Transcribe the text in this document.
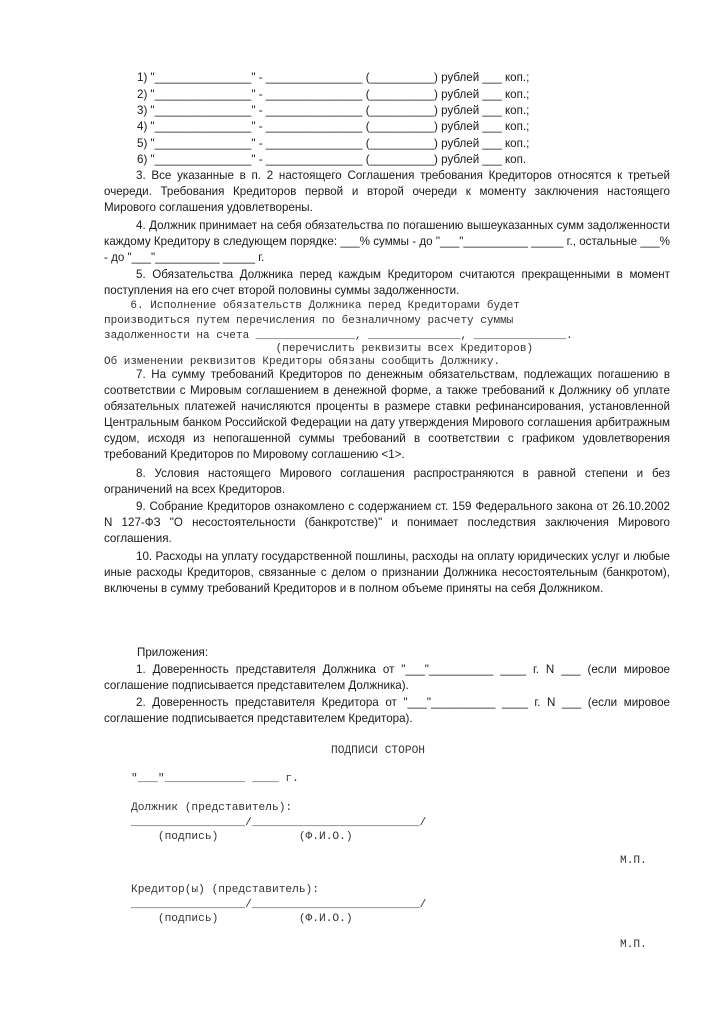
1) "_______________" - _______________ (__________) рублей ___ коп.;
2) "_______________" - _______________ (__________) рублей ___ коп.;
3) "_______________" - _______________ (__________) рублей ___ коп.;
4) "_______________" - _______________ (__________) рублей ___ коп.;
5) "_______________" - _______________ (__________) рублей ___ коп.;
6) "_______________" - _______________ (__________) рублей ___ коп.
3. Все указанные в п. 2 настоящего Соглашения требования Кредиторов относятся к третьей очереди. Требования Кредиторов первой и второй очереди к моменту заключения настоящего Мирового соглашения удовлетворены.
4. Должник принимает на себя обязательства по погашению вышеуказанных сумм задолженности каждому Кредитору в следующем порядке: ___% суммы - до "___"__________ _____ г., остальные ___% - до "___"__________ _____ г.
5. Обязательства Должника перед каждым Кредитором считаются прекращенными в момент поступления на его счет второй половины суммы задолженности.
6. Исполнение обязательств Должника перед Кредиторами будет
производиться путем перечисления по безналичному расчету суммы
задолженности на счета _______________, ______________, ______________.
(перечислить реквизиты всех Кредиторов)
Об изменении реквизитов Кредиторы обязаны сообщить Должнику.
7. На сумму требований Кредиторов по денежным обязательствам, подлежащих погашению в соответствии с Мировым соглашением в денежной форме, а также требований к Должнику об уплате обязательных платежей начисляются проценты в размере ставки рефинансирования, установленной Центральным банком Российской Федерации на дату утверждения Мирового соглашения арбитражным судом, исходя из непогашенной суммы требований в соответствии с графиком удовлетворения требований Кредиторов по Мировому соглашению <1>.
8. Условия настоящего Мирового соглашения распространяются в равной степени и без ограничений на всех Кредиторов.
9. Собрание Кредиторов ознакомлено с содержанием ст. 159 Федерального закона от 26.10.2002 N 127-ФЗ "О несостоятельности (банкротстве)" и понимает последствия заключения Мирового соглашения.
10. Расходы на уплату государственной пошлины, расходы на оплату юридических услуг и любые иные расходы Кредиторов, связанные с делом о признании Должника несостоятельным (банкротом), включены в сумму требований Кредиторов и в полном объеме приняты на себя Должником.
Приложения:
1. Доверенность представителя Должника от "___"__________ ____ г. N ___ (если мировое соглашение подписывается представителем Должника).
2. Доверенность представителя Кредитора от "___"__________ ____ г. N ___ (если мировое соглашение подписывается представителем Кредитора).
ПОДПИСИ СТОРОН
"___"____________ ____ г.
Должник (представитель):
_________________/_________________________/
(подпись)            (Ф.И.О.)
М.П.
Кредитор(ы) (представитель):
_________________/_________________________/
(подпись)            (Ф.И.О.)
М.П.
